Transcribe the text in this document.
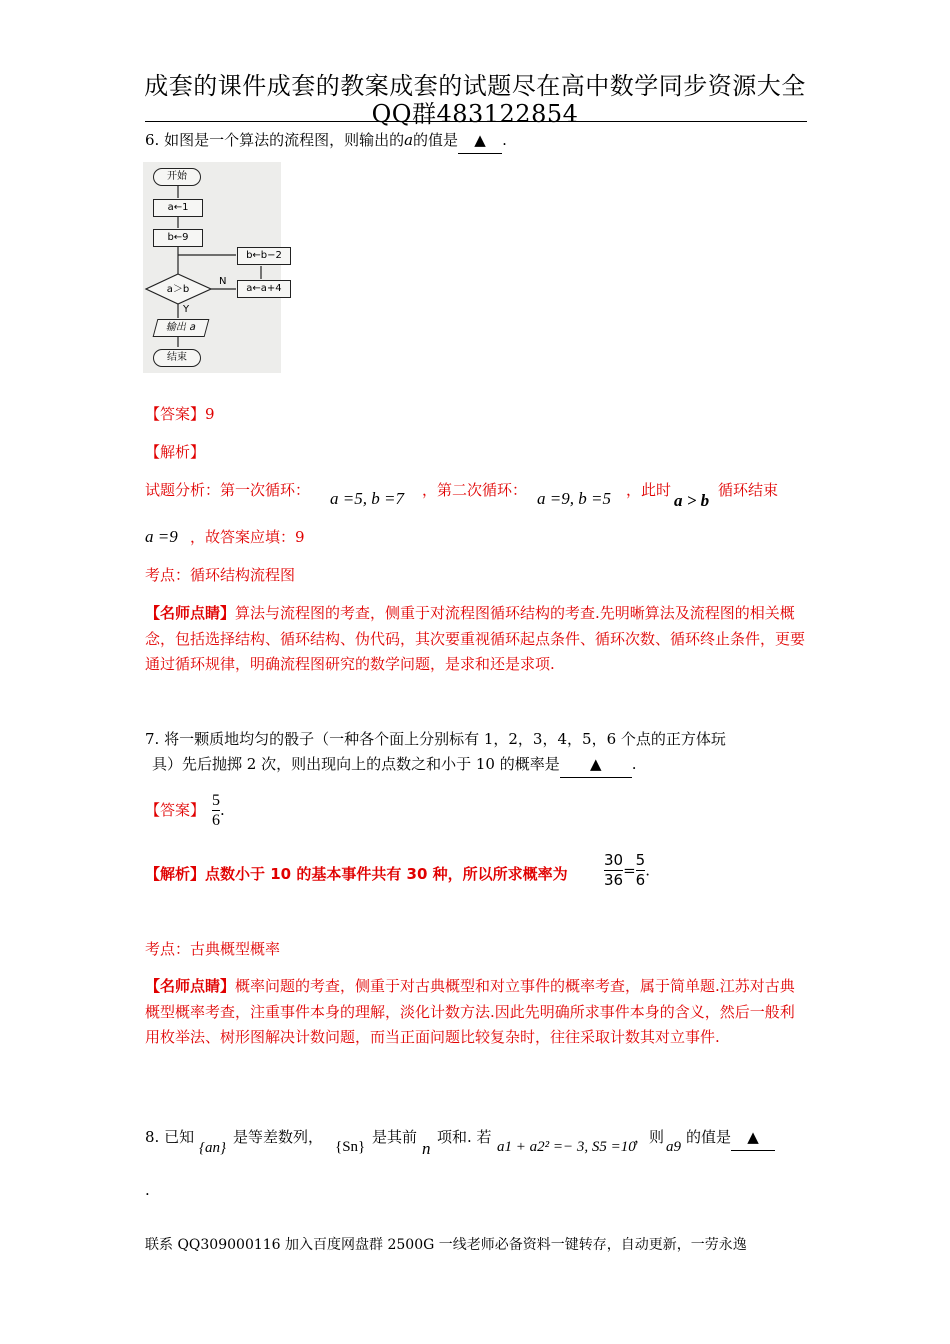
成套的课件成套的教案成套的试题尽在高中数学同步资源大全
QQ群483122854
6. 如图是一个算法的流程图，则输出的a的值是 ▲ .
开始
a←1
b←9
b←b−2
a＞b
N
a←a+4
Y
输出 a
结束
【答案】9
【解析】
试题分析：第一次循环： a =5, b =7 ，第二次循环： a =9, b =5 ，此时
a > b
循环结束
a =9 ，故答案应填：9
考点：循环结构流程图
【名师点睛】算法与流程图的考查，侧重于对流程图循环结构的考查.先明晰算法及流程图的相关概念，包括选择结构、循环结构、伪代码，其次要重视循环起点条件、循环次数、循环终止条件，更要通过循环规律，明确流程图研究的数学问题，是求和还是求项.
7. 将一颗质地均匀的骰子（一种各个面上分别标有 1，2，3，4，5，6 个点的正方体玩
具）先后抛掷 2 次，则出现向上的点数之和小于 10 的概率是 ▲ .
【答案】 $\frac{5}{6}$ .
【解析】点数小于 10 的基本事件共有 30 种，所以所求概率为 $\frac{30}{36} = \frac{5}{6}$ .
考点：古典概型概率
【名师点睛】概率问题的考查，侧重于对古典概型和对立事件的概率考查，属于简单题.江苏对古典概型概率考查，注重事件本身的理解，淡化计数方法.因此先明确所求事件本身的含义，然后一般利用枚举法、树形图解决计数问题，而当正面问题比较复杂时，往往采取计数其对立事件.
8. 已知
{an}
是等差数列，
{Sn}
是其前
n
项和. 若
a1 + a2² =− 3, S5 =10
，则
a9
的值是 ▲
.
联系 QQ309000116 加入百度网盘群 2500G 一线老师必备资料一键转存，自动更新，一劳永逸
